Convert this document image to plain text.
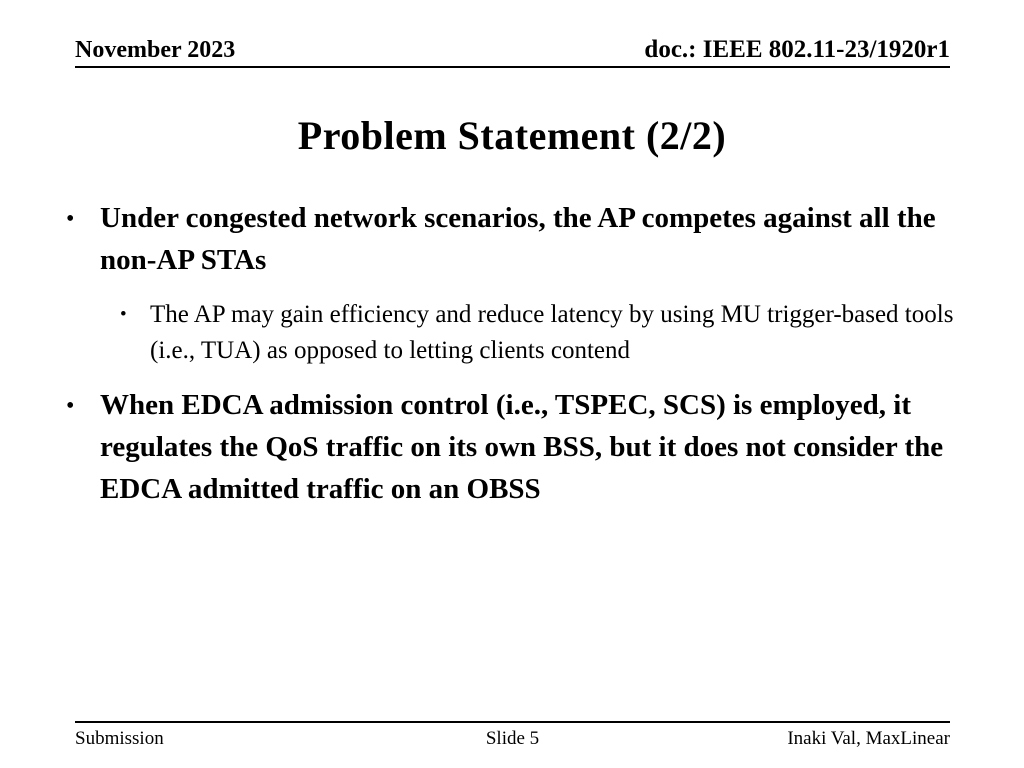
November 2023	doc.: IEEE 802.11-23/1920r1
Problem Statement (2/2)
• Under congested network scenarios, the AP competes against all the non-AP STAs
• The AP may gain efficiency and reduce latency by using MU trigger-based tools (i.e., TUA) as opposed to letting clients contend
• When EDCA admission control (i.e., TSPEC, SCS) is employed, it regulates the QoS traffic on its own BSS, but it does not consider the EDCA admitted traffic on an OBSS
Submission	Slide 5	Inaki Val, MaxLinear
